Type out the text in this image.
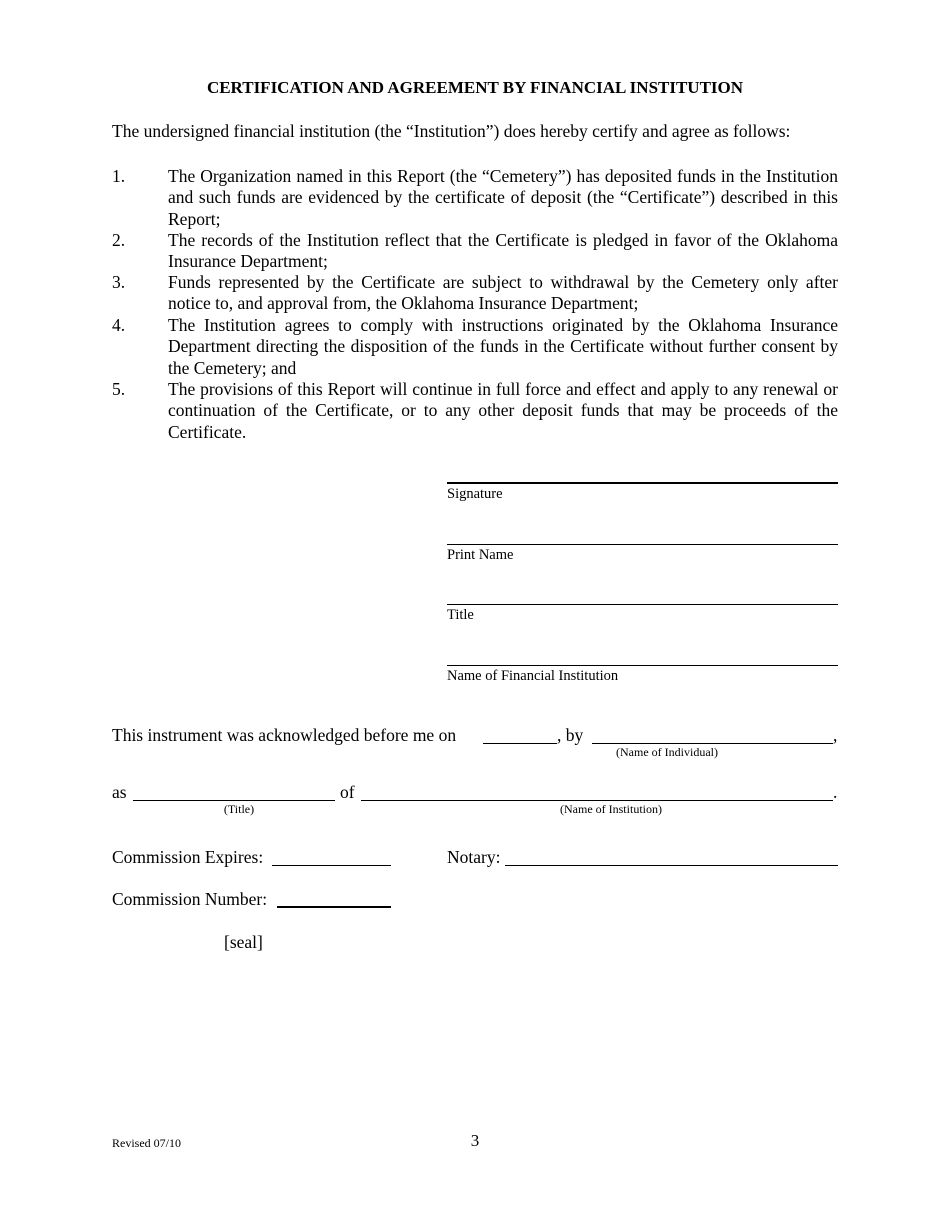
CERTIFICATION AND AGREEMENT BY FINANCIAL INSTITUTION
The undersigned financial institution (the “Institution”) does hereby certify and agree as follows:
1. The Organization named in this Report (the “Cemetery”) has deposited funds in the Institution and such funds are evidenced by the certificate of deposit (the “Certificate”) described in this Report;
2. The records of the Institution reflect that the Certificate is pledged in favor of the Oklahoma Insurance Department;
3. Funds represented by the Certificate are subject to withdrawal by the Cemetery only after notice to, and approval from, the Oklahoma Insurance Department;
4. The Institution agrees to comply with instructions originated by the Oklahoma Insurance Department directing the disposition of the funds in the Certificate without further consent by the Cemetery; and
5. The provisions of this Report will continue in full force and effect and apply to any renewal or continuation of the Certificate, or to any other deposit funds that may be proceeds of the Certificate.
Signature
Print Name
Title
Name of Financial Institution
This instrument was acknowledged before me on	, by	,
(Name of Individual)
as	of	.
(Title)	(Name of Institution)
Commission Expires:	Notary:
Commission Number:
[seal]
Revised 07/10	3
